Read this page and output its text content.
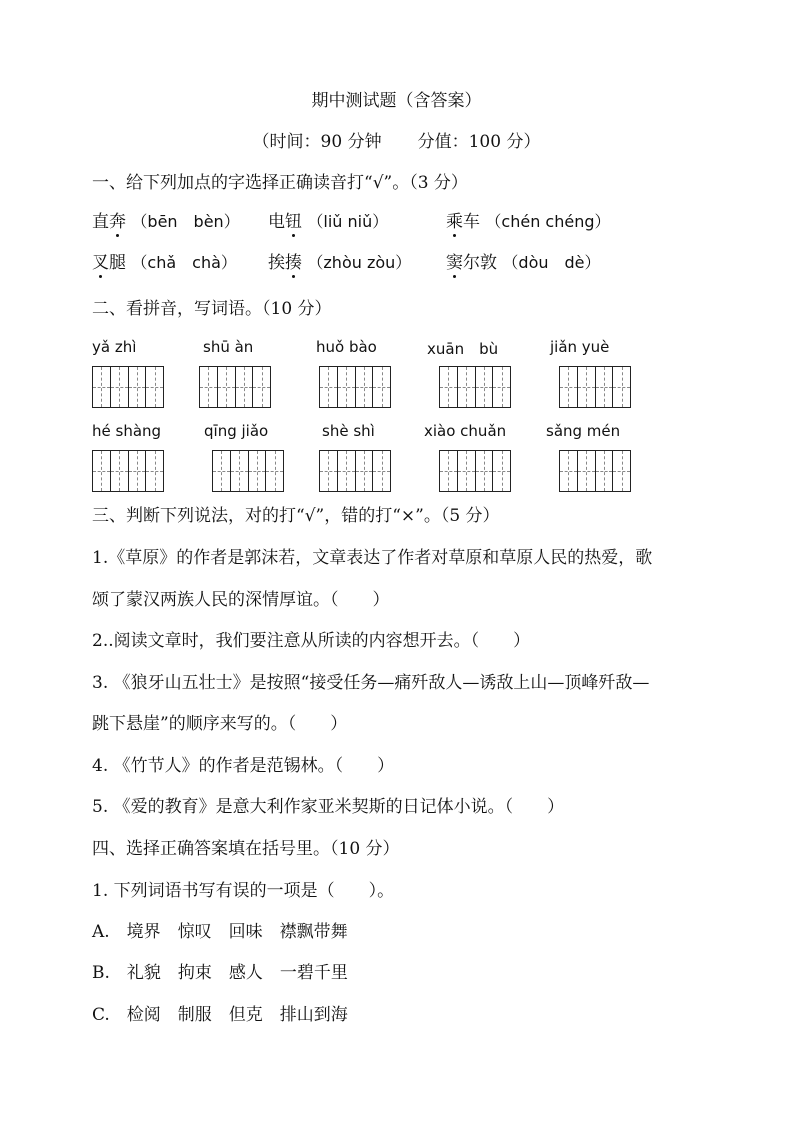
期中测试题（含答案）
（时间：90 分钟 分值：100 分）
一、给下列加点的字选择正确读音打“√”。（3 分）
直奔 （bēn　bèn） 电钮 （liǔ niǔ）	乘车 （chén chéng）
叉腿 （chǎ　chà） 挨揍 （zhòu zòu） 窦尔敦 （dòu　dè）
二、看拼音，写词语。（10 分）
yǎ zhì	shū àn	huǒ bào	xuān　bù	jiǎn yuè
hé shàng	qīng jiǎo	shè shì	xiào chuǎn	sǎng mén
三、判断下列说法，对的打“√”，错的打“×”。（5 分）
1.《草原》的作者是郭沫若，文章表达了作者对草原和草原人民的热爱，歌
颂了蒙汉两族人民的深情厚谊。（　　）
2..阅读文章时，我们要注意从所读的内容想开去。（　　）
3. 《狼牙山五壮士》是按照“接受任务—痛歼敌人—诱敌上山—顶峰歼敌—
跳下悬崖”的顺序来写的。（　　）
4. 《竹节人》的作者是范锡林。（　　）
5. 《爱的教育》是意大利作家亚米契斯的日记体小说。（　　）
四、选择正确答案填在括号里。（10 分）
1. 下列词语书写有误的一项是（　　）。
A.　境界　惊叹　回味　襟飘带舞
B.　礼貌　拘束　感人　一碧千里
C.　检阅　制服　但克　排山到海
